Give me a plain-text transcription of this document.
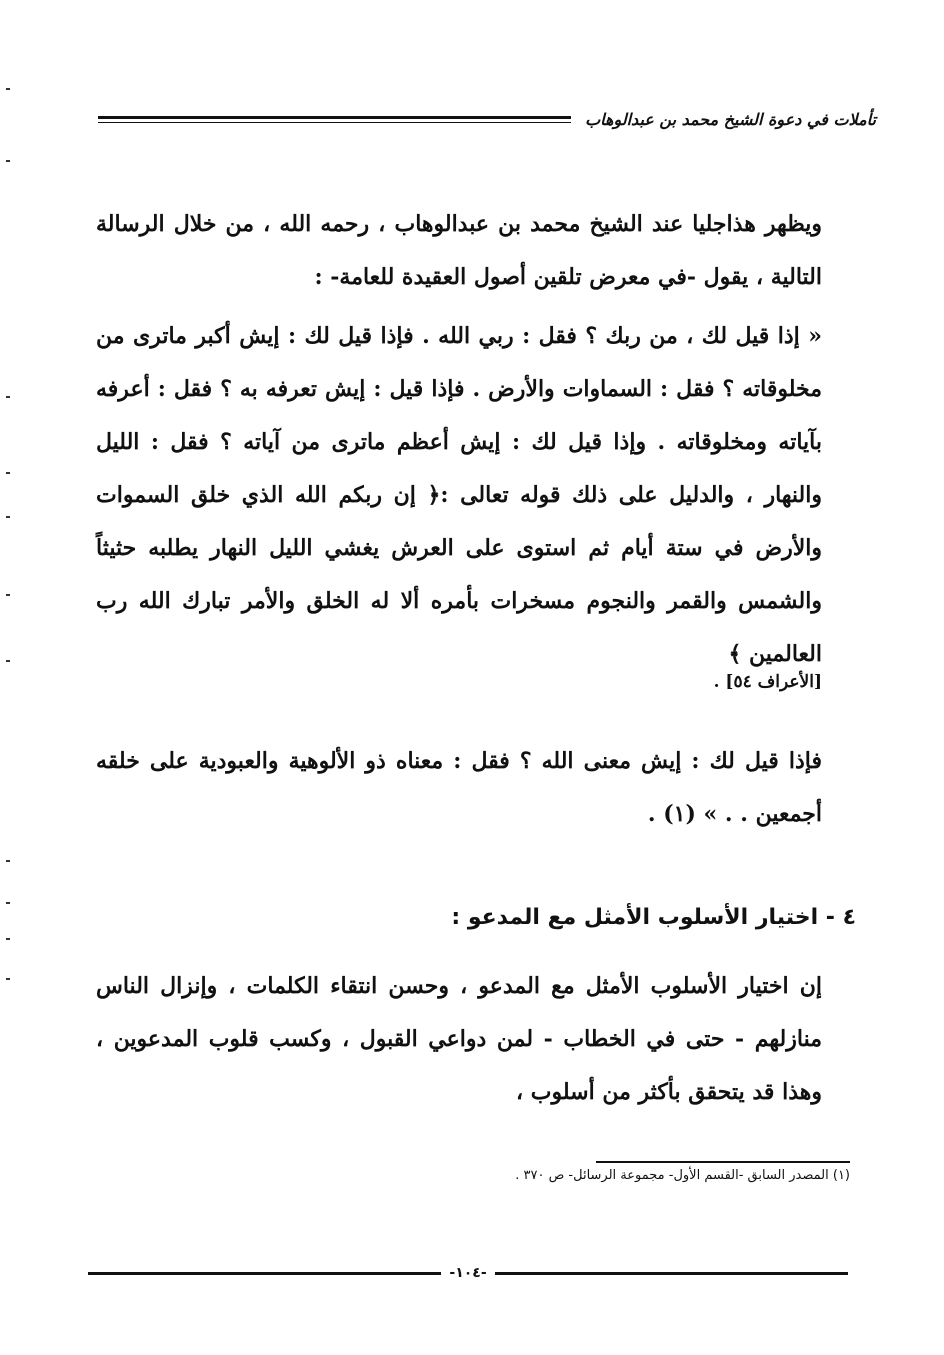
تأملات في دعوة الشيخ محمد بن عبدالوهاب
ويظهر هذاجليا عند الشيخ محمد بن عبدالوهاب ، رحمه الله ، من خلال الرسالة التالية ، يقول -في معرض تلقين أصول العقيدة للعامة- :
« إذا قيل لك ، من ربك ؟ فقل : ربي الله . فإذا قيل لك : إيش أكبر ماترى من مخلوقاته ؟ فقل : السماوات والأرض . فإذا قيل : إيش تعرفه به ؟ فقل : أعرفه بآياته ومخلوقاته . وإذا قيل لك : إيش أعظم ماترى من آياته ؟ فقل : الليل والنهار ، والدليل على ذلك قوله تعالى :﴿ إن ربكم الله الذي خلق السموات والأرض في ستة أيام ثم استوى على العرش يغشي الليل النهار يطلبه حثيثاً والشمس والقمر والنجوم مسخرات بأمره ألا له الخلق والأمر تبارك الله رب العالمين ﴾
[الأعراف ٥٤] .
فإذا قيل لك : إيش معنى الله ؟ فقل : معناه ذو الألوهية والعبودية على خلقه أجمعين . . » (١) .
٤ - اختيار الأسلوب الأمثل مع المدعو :
إن اختيار الأسلوب الأمثل مع المدعو ، وحسن انتقاء الكلمات ، وإنزال الناس منازلهم - حتى في الخطاب - لمن دواعي القبول ، وكسب قلوب المدعوين ، وهذا قد يتحقق بأكثر من أسلوب ،
(١) المصدر السابق -القسم الأول- مجموعة الرسائل- ص ٣٧٠ .
-١٠٤-
